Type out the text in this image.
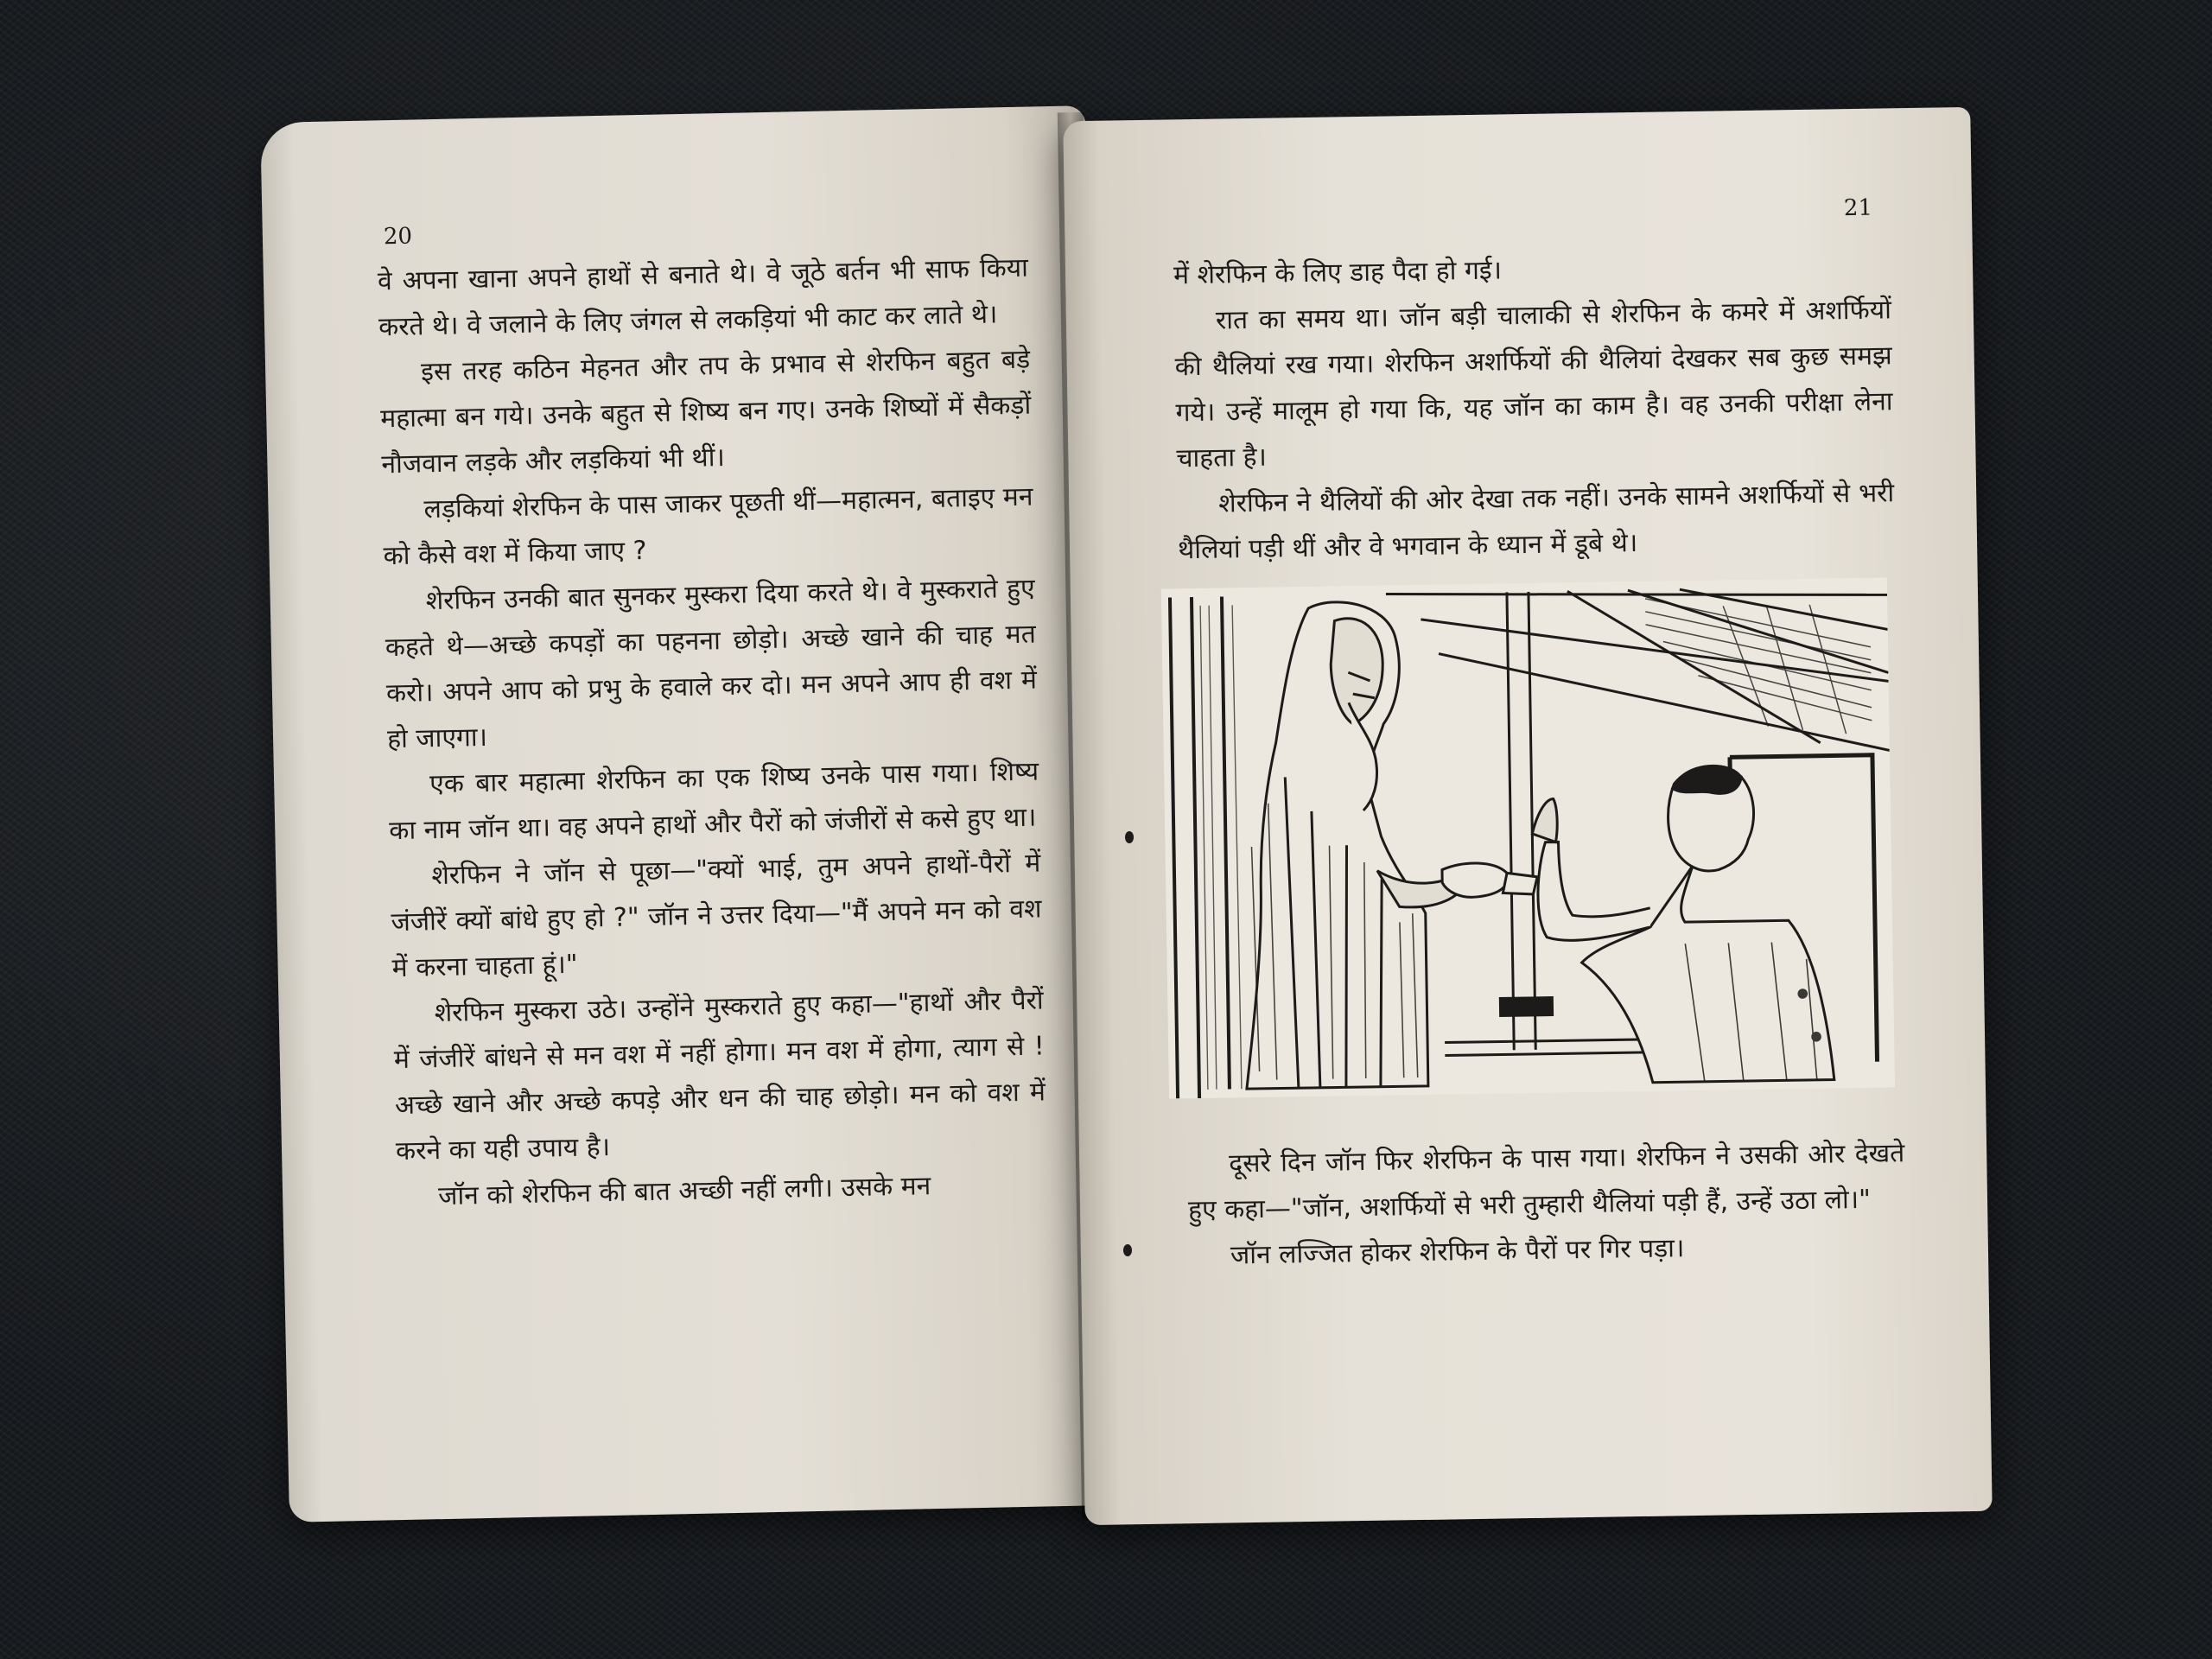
20

वे अपना खाना अपने हाथों से बनाते थे। वे जूठे बर्तन भी साफ किया करते थे। वे जलाने के लिए जंगल से लकड़ियां भी काट कर लाते थे।

इस तरह कठिन मेहनत और तप के प्रभाव से शेरफिन बहुत बड़े महात्मा बन गये। उनके बहुत से शिष्य बन गए। उनके शिष्यों में सैकड़ों नौजवान लड़के और लड़कियां भी थीं।

लड़कियां शेरफिन के पास जाकर पूछती थीं—महात्मन, बताइए मन को कैसे वश में किया जाए ?

शेरफिन उनकी बात सुनकर मुस्करा दिया करते थे। वे मुस्कराते हुए कहते थे—अच्छे कपड़ों का पहनना छोड़ो। अच्छे खाने की चाह मत करो। अपने आप को प्रभु के हवाले कर दो। मन अपने आप ही वश में हो जाएगा।

एक बार महात्मा शेरफिन का एक शिष्य उनके पास गया। शिष्य का नाम जॉन था। वह अपने हाथों और पैरों को जंजीरों से कसे हुए था।

शेरफिन ने जॉन से पूछा—"क्यों भाई, तुम अपने हाथों-पैरों में जंजीरें क्यों बांधे हुए हो ?" जॉन ने उत्तर दिया—"मैं अपने मन को वश में करना चाहता हूं।"

शेरफिन मुस्करा उठे। उन्होंने मुस्कराते हुए कहा—"हाथों और पैरों में जंजीरें बांधने से मन वश में नहीं होगा। मन वश में होगा, त्याग से ! अच्छे खाने और अच्छे कपड़े और धन की चाह छोड़ो। मन को वश में करने का यही उपाय है।

जॉन को शेरफिन की बात अच्छी नहीं लगी। उसके मन

21

में शेरफिन के लिए डाह पैदा हो गई।

रात का समय था। जॉन बड़ी चालाकी से शेरफिन के कमरे में अशर्फियों की थैलियां रख गया। शेरफिन अशर्फियों की थैलियां देखकर सब कुछ समझ गये। उन्हें मालूम हो गया कि, यह जॉन का काम है। वह उनकी परीक्षा लेना चाहता है।

शेरफिन ने थैलियों की ओर देखा तक नहीं। उनके सामने अशर्फियों से भरी थैलियां पड़ी थीं और वे भगवान के ध्यान में डूबे थे।

दूसरे दिन जॉन फिर शेरफिन के पास गया। शेरफिन ने उसकी ओर देखते हुए कहा—"जॉन, अशर्फियों से भरी तुम्हारी थैलियां पड़ी हैं, उन्हें उठा लो।"

जॉन लज्जित होकर शेरफिन के पैरों पर गिर पड़ा।
